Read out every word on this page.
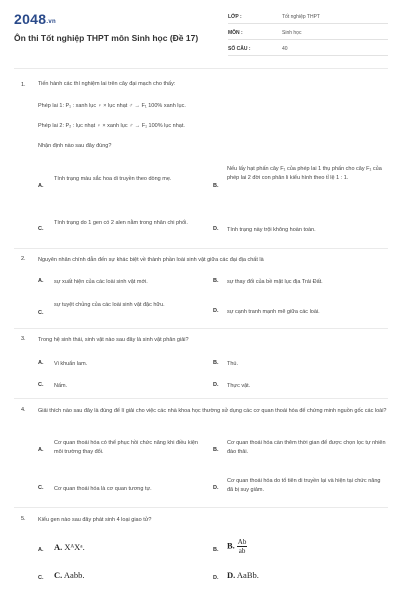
2048.vn
Ôn thi Tốt nghiệp THPT môn Sinh học (Đề 17)
LỚP :	Tốt nghiệp THPT
MÔN :	Sinh học
SỐ CÂU :	40
1. Tiến hành các thí nghiệm lai trên cây đại mạch cho thấy:
Phép lai 1: P₁ : xanh lục ♀ × lục nhạt ♂ → F₁ 100% xanh lục.
Phép lai 2: P₂ : lục nhạt ♀ × xanh lục ♂ → F₁ 100% lục nhạt.
Nhận định nào sau đây đúng?
A.
Tính trạng màu sắc hoa di truyền theo dòng mẹ.
B.
Nếu lấy hạt phấn cây F₁ của phép lai 1 thụ phấn cho cây F₁ của phép lai 2 đời con phân li kiểu hình theo tỉ lệ 1 : 1.
C.
Tính trạng do 1 gen có 2 alen nằm trong nhân chi phối.
D. Tính trạng này trội không hoàn toàn.
2. Nguyên nhân chính dẫn đến sự khác biệt về thành phần loài sinh vật giữa các đại địa chất là
A. sự xuất hiện của các loài sinh vật mới.	B. sự thay đổi của bề mặt lục địa Trái Đất.
C.
sự tuyệt chủng của các loài sinh vật đặc hữu.
D. sự cạnh tranh mạnh mẽ giữa các loài.
3. Trong hệ sinh thái, sinh vật nào sau đây là sinh vật phân giải?
A. Vi khuẩn lam.	B. Thú.
C. Nấm.	D. Thực vật.
4. Giải thích nào sau đây là đúng để lí giải cho việc các nhà khoa học thường sử dụng các cơ quan thoái hóa để chứng minh nguồn gốc các loài?
A.
Cơ quan thoái hóa có thể phục hồi chức năng khi điều kiện môi trường thay đổi.	B.
Cơ quan thoái hóa càn thêm thời gian để được chọn lọc tự nhiên đào thải.
C. Cơ quan thoái hóa là cơ quan tương tự.	D.
Cơ quan thoái hóa do tổ tiên di truyền lại và hiện tại chức năng đã bị suy giảm.
5. Kiểu gen nào sau đây phát sinh 4 loại giao tử?
A. A. XᴬXᵃ.	B. B. $\frac{Ab}{ab}$
C. C. Aabb.	D. D. AaBb.
